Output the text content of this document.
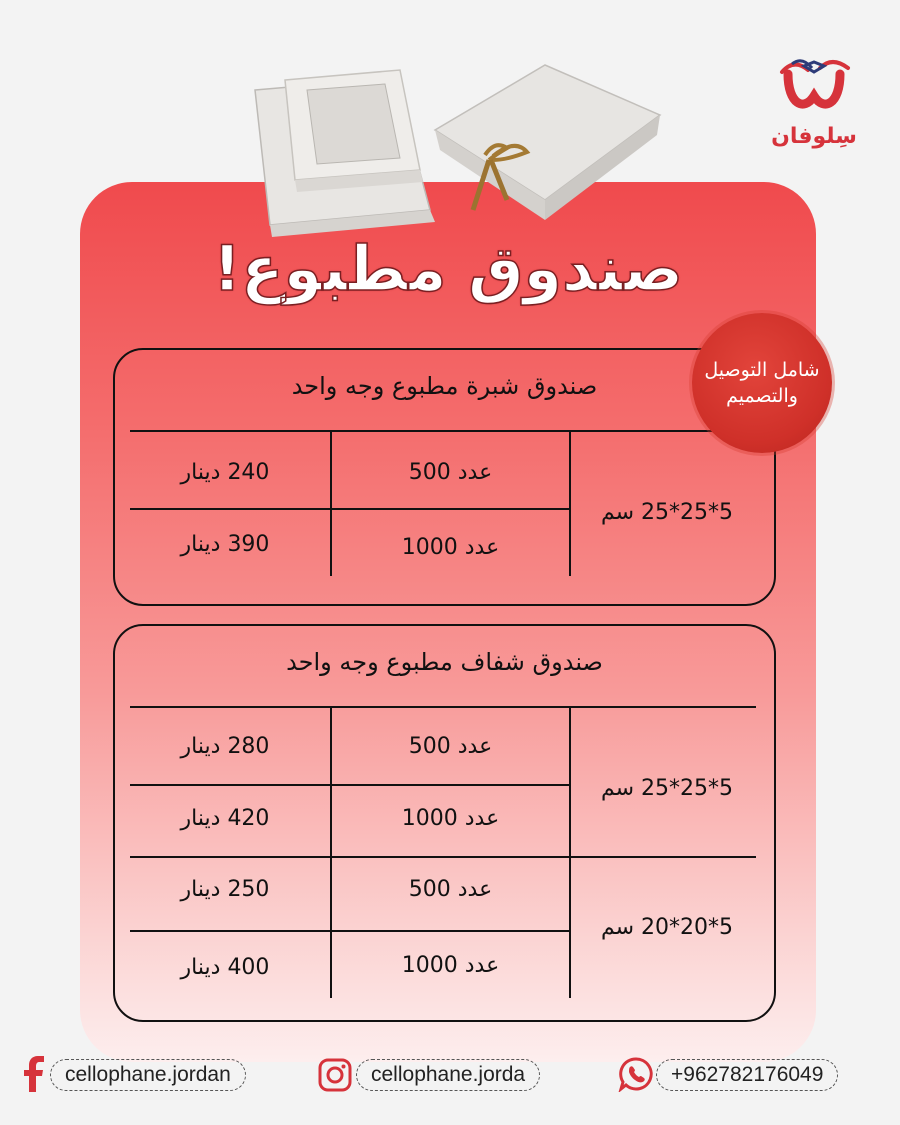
سِلوفان
صندوق مطبوع!
صندوق شبرة مطبوع وجه واحد
5*25*25 سم
عدد 500
240 دينار
عدد 1000
390 دينار
صندوق شفاف مطبوع وجه واحد
5*25*25 سم
عدد 500
280 دينار
عدد 1000
420 دينار
5*20*20 سم
عدد 500
250 دينار
عدد 1000
400 دينار
شامل التوصيل
والتصميم
cellophane.jordan	cellophane.jorda	+962782176049
